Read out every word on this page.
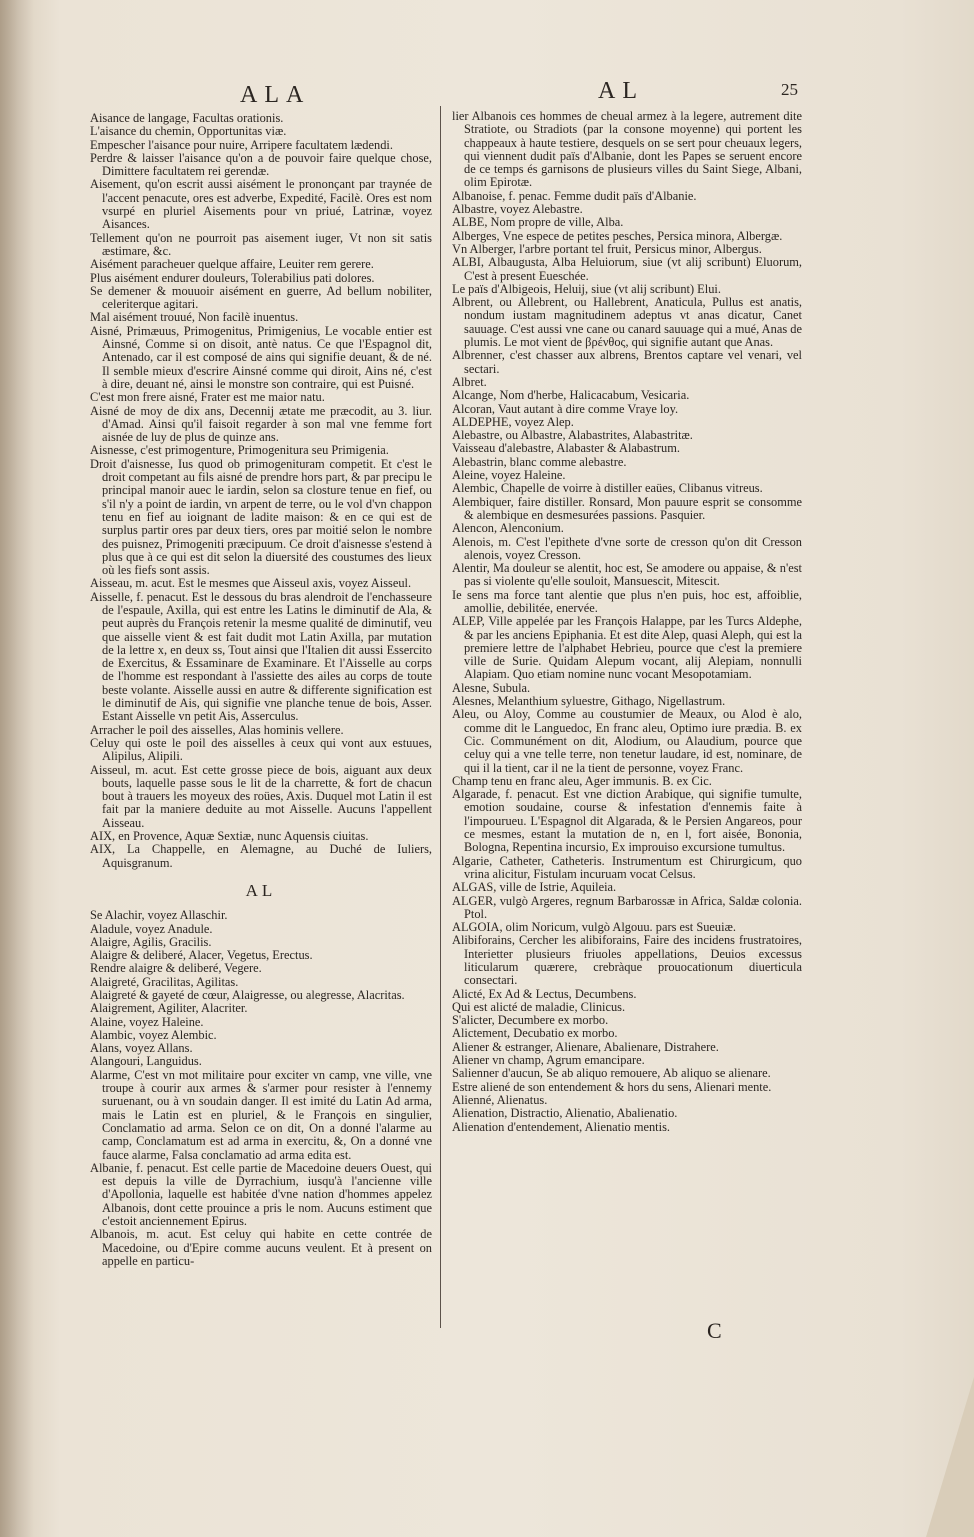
ALA	AL	25

Aisance de langage, Facultas orationis.

L'aisance du chemin, Opportunitas viæ.

Empescher l'aisance pour nuire, Arripere facultatem lædendi.

Perdre & laisser l'aisance qu'on a de pouvoir faire quelque chose, Dimittere facultatem rei gerendæ.

Aisement, qu'on escrit aussi aisément le prononçant par traynée de l'accent penacute, ores est adverbe, Expedité, Facilè. Ores est nom vsurpé en pluriel Aisements pour vn priué, Latrinæ, voyez Aisances.

Tellement qu'on ne pourroit pas aisement iuger, Vt non sit satis æstimare, &c.

Aisément paracheuer quelque affaire, Leuiter rem gerere.

Plus aisément endurer douleurs, Tolerabilius pati dolores.

Se demener & mouuoir aisément en guerre, Ad bellum nobiliter, celeriterque agitari.

Mal aisément trouué, Non facilè inuentus.

Aisné, Primæuus, Primogenitus, Primigenius, Le vocable entier est Ainsné, Comme si on disoit, antè natus. Ce que l'Espagnol dit, Antenado, car il est composé de ains qui signifie deuant, & de né. Il semble mieux d'escrire Ainsné comme qui diroit, Ains né, c'est à dire, deuant né, ainsi le monstre son contraire, qui est Puisné.

C'est mon frere aisné, Frater est me maior natu.

Aisné de moy de dix ans, Decennij ætate me præcodit, au 3. liur. d'Amad. Ainsi qu'il faisoit regarder à son mal vne femme fort aisnée de luy de plus de quinze ans.

Aisnesse, c'est primogenture, Primogenitura seu Primigenia.

Droit d'aisnesse, Ius quod ob primogenituram competit. Et c'est le droit competant au fils aisné de prendre hors part, & par precipu le principal manoir auec le iardin, selon sa closture tenue en fief, ou s'il n'y a point de iardin, vn arpent de terre, ou le vol d'vn chappon tenu en fief au ioignant de ladite maison: & en ce qui est de surplus partir ores par deux tiers, ores par moitié selon le nombre des puisnez, Primogeniti præcipuum. Ce droit d'aisnesse s'estend à plus que à ce qui est dit selon la diuersité des coustumes des lieux où les fiefs sont assis.

Aisseau, m. acut. Est le mesmes que Aisseul axis, voyez Aisseul.

Aisselle, f. penacut. Est le dessous du bras alendroit de l'enchasseure de l'espaule, Axilla, qui est entre les Latins le diminutif de Ala, & peut auprès du François retenir la mesme qualité de diminutif, veu que aisselle vient & est fait dudit mot Latin Axilla, par mutation de la lettre x, en deux ss, Tout ainsi que l'Italien dit aussi Essercito de Exercitus, & Essaminare de Examinare. Et l'Aisselle au corps de l'homme est respondant à l'assiette des ailes au corps de toute beste volante. Aisselle aussi en autre & differente signification est le diminutif de Ais, qui signifie vne planche tenue de bois, Asser. Estant Aisselle vn petit Ais, Asserculus.

Arracher le poil des aisselles, Alas hominis vellere.

Celuy qui oste le poil des aisselles à ceux qui vont aux estuues, Alipilus, Alipili.

Aisseul, m. acut. Est cette grosse piece de bois, aiguant aux deux bouts, laquelle passe sous le lit de la charrette, & fort de chacun bout à trauers les moyeux des roües, Axis. Duquel mot Latin il est fait par la maniere deduite au mot Aisselle. Aucuns l'appellent Aisseau.

AIX, en Provence, Aquæ Sextiæ, nunc Aquensis ciuitas.

AIX, La Chappelle, en Alemagne, au Duché de Iuliers, Aquisgranum.

AL

Se Alachir, voyez Allaschir.

Aladule, voyez Anadule.

Alaigre, Agilis, Gracilis.

Alaigre & deliberé, Alacer, Vegetus, Erectus.

Rendre alaigre & deliberé, Vegere.

Alaigreté, Gracilitas, Agilitas.

Alaigreté & gayeté de cœur, Alaigresse, ou alegresse, Alacritas.

Alaigrement, Agiliter, Alacriter.

Alaine, voyez Haleine.

Alambic, voyez Alembic.

Alans, voyez Allans.

Alangouri, Languidus.

Alarme, C'est vn mot militaire pour exciter vn camp, vne ville, vne troupe à courir aux armes & s'armer pour resister à l'ennemy suruenant, ou à vn soudain danger. Il est imité du Latin Ad arma, mais le Latin est en pluriel, & le François en singulier, Conclamatio ad arma. Selon ce on dit, On a donné l'alarme au camp, Conclamatum est ad arma in exercitu, &, On a donné vne fauce alarme, Falsa conclamatio ad arma edita est.

Albanie, f. penacut. Est celle partie de Macedoine deuers Ouest, qui est depuis la ville de Dyrrachium, iusqu'à l'ancienne ville d'Apollonia, laquelle est habitée d'vne nation d'hommes appelez Albanois, dont cette prouince a pris le nom. Aucuns estiment que c'estoit anciennement Epirus.

Albanois, m. acut. Est celuy qui habite en cette contrée de Macedoine, ou d'Epire comme aucuns veulent. Et à present on appelle en particu-

lier Albanois ces hommes de cheual armez à la legere, autrement dite Stratiote, ou Stradiots (par la consone moyenne) qui portent les chappeaux à haute testiere, desquels on se sert pour cheuaux legers, qui viennent dudit païs d'Albanie, dont les Papes se seruent encore de ce temps és garnisons de plusieurs villes du Saint Siege, Albani, olim Epirotæ.

Albanoise, f. penac. Femme dudit païs d'Albanie.

Albastre, voyez Alebastre.

ALBE, Nom propre de ville, Alba.

Alberges, Vne espece de petites pesches, Persica minora, Albergæ.

Vn Alberger, l'arbre portant tel fruit, Persicus minor, Albergus.

ALBI, Albaugusta, Alba Heluiorum, siue (vt alij scribunt) Eluorum, C'est à present Eueschée.

Le païs d'Albigeois, Heluij, siue (vt alij scribunt) Elui.

Albrent, ou Allebrent, ou Hallebrent, Anaticula, Pullus est anatis, nondum iustam magnitudinem adeptus vt anas dicatur, Canet sauuage. C'est aussi vne cane ou canard sauuage qui a mué, Anas de plumis. Le mot vient de βρένθος, qui signifie autant que Anas.

Albrenner, c'est chasser aux albrens, Brentos captare vel venari, vel sectari.

Albret.

Alcange, Nom d'herbe, Halicacabum, Vesicaria.

Alcoran, Vaut autant à dire comme Vraye loy.

ALDEPHE, voyez Alep.

Alebastre, ou Albastre, Alabastrites, Alabastritæ.

Vaisseau d'alebastre, Alabaster & Alabastrum.

Alebastrin, blanc comme alebastre.

Aleine, voyez Haleine.

Alembic, Chapelle de voirre à distiller eaües, Clibanus vitreus.

Alembiquer, faire distiller. Ronsard, Mon pauure esprit se consomme & alembique en desmesurées passions. Pasquier.

Alencon, Alenconium.

Alenois, m. C'est l'epithete d'vne sorte de cresson qu'on dit Cresson alenois, voyez Cresson.

Alentir, Ma douleur se alentit, hoc est, Se amodere ou appaise, & n'est pas si violente qu'elle souloit, Mansuescit, Mitescit.

Ie sens ma force tant alentie que plus n'en puis, hoc est, affoiblie, amollie, debilitée, enervée.

ALEP, Ville appelée par les François Halappe, par les Turcs Aldephe, & par les anciens Epiphania. Et est dite Alep, quasi Aleph, qui est la premiere lettre de l'alphabet Hebrieu, pource que c'est la premiere ville de Surie. Quidam Alepum vocant, alij Alepiam, nonnulli Alapiam. Quo etiam nomine nunc vocant Mesopotamiam.

Alesne, Subula.

Alesnes, Melanthium syluestre, Githago, Nigellastrum.

Aleu, ou Aloy, Comme au coustumier de Meaux, ou Alod è alo, comme dit le Languedoc, En franc aleu, Optimo iure prædia. B. ex Cic. Communément on dit, Alodium, ou Alaudium, pource que celuy qui a vne telle terre, non tenetur laudare, id est, nominare, de qui il la tient, car il ne la tient de personne, voyez Franc.

Champ tenu en franc aleu, Ager immunis. B. ex Cic.

Algarade, f. penacut. Est vne diction Arabique, qui signifie tumulte, emotion soudaine, course & infestation d'ennemis faite à l'impourueu. L'Espagnol dit Algarada, & le Persien Angareos, pour ce mesmes, estant la mutation de n, en l, fort aisée, Bononia, Bologna, Repentina incursio, Ex improuiso excursione tumultus.

Algarie, Catheter, Catheteris. Instrumentum est Chirurgicum, quo vrina alicitur, Fistulam incuruam vocat Celsus.

ALGAS, ville de Istrie, Aquileia.

ALGER, vulgò Argeres, regnum Barbarossæ in Africa, Saldæ colonia. Ptol.

ALGOIA, olim Noricum, vulgò Algouu. pars est Sueuiæ.

Alibiforains, Cercher les alibiforains, Faire des incidens frustratoires, Interietter plusieurs friuoles appellations, Deuios excessus liticularum quærere, crebràque prouocationum diuerticula consectari.

Alicté, Ex Ad & Lectus, Decumbens.

Qui est alicté de maladie, Clinicus.

S'alicter, Decumbere ex morbo.

Alictement, Decubatio ex morbo.

Aliener & estranger, Alienare, Abalienare, Distrahere.

Aliener vn champ, Agrum emancipare.

Salienner d'aucun, Se ab aliquo remouere, Ab aliquo se alienare.

Estre aliené de son entendement & hors du sens, Alienari mente.

Alienné, Alienatus.

Alienation, Distractio, Alienatio, Abalienatio.

Alienation d'entendement, Alienatio mentis.

C
